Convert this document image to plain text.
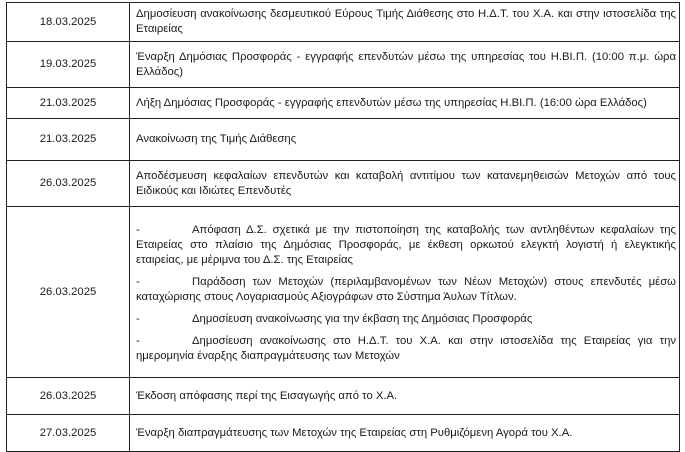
18.03.2025	Δημοσίευση ανακοίνωσης δεσμευτικού Εύρους Τιμής Διάθεσης στο Η.Δ.Τ. του Χ.Α. και στην ιστοσελίδα της Εταιρείας
19.03.2025	Έναρξη Δημόσιας Προσφοράς - εγγραφής επενδυτών μέσω της υπηρεσίας του Η.ΒΙ.Π. (10:00 π.μ. ώρα Ελλάδος)
21.03.2025	Λήξη Δημόσιας Προσφοράς - εγγραφής επενδυτών μέσω της υπηρεσίας Η.ΒΙ.Π. (16:00 ώρα Ελλάδος)
21.03.2025	Ανακοίνωση της Τιμής Διάθεσης
26.03.2025	Αποδέσμευση κεφαλαίων επενδυτών και καταβολή αντιτίμου των κατανεμηθεισών Μετοχών από τους Ειδικούς και Ιδιώτες Επενδυτές
26.03.2025	- Απόφαση Δ.Σ. σχετικά με την πιστοποίηση της καταβολής των αντληθέντων κεφαλαίων της Εταιρείας στο πλαίσιο της Δημόσιας Προσφοράς, με έκθεση ορκωτού ελεγκτή λογιστή ή ελεγκτικής εταιρείας, με μέριμνα του Δ.Σ. της Εταιρείας
- Παράδοση των Μετοχών (περιλαμβανομένων των Νέων Μετοχών) στους επενδυτές μέσω καταχώρισης στους Λογαριασμούς Αξιογράφων στο Σύστημα Άυλων Τίτλων.
- Δημοσίευση ανακοίνωσης για την έκβαση της Δημόσιας Προσφοράς
- Δημοσίευση ανακοίνωσης στο Η.Δ.Τ. του Χ.Α. και στην ιστοσελίδα της Εταιρείας για την ημερομηνία έναρξης διαπραγμάτευσης των Μετοχών

26.03.2025	Έκδοση απόφασης περί της Εισαγωγής από το Χ.Α.
27.03.2025	Έναρξη διαπραγμάτευσης των Μετοχών της Εταιρείας στη Ρυθμιζόμενη Αγορά του Χ.Α.
